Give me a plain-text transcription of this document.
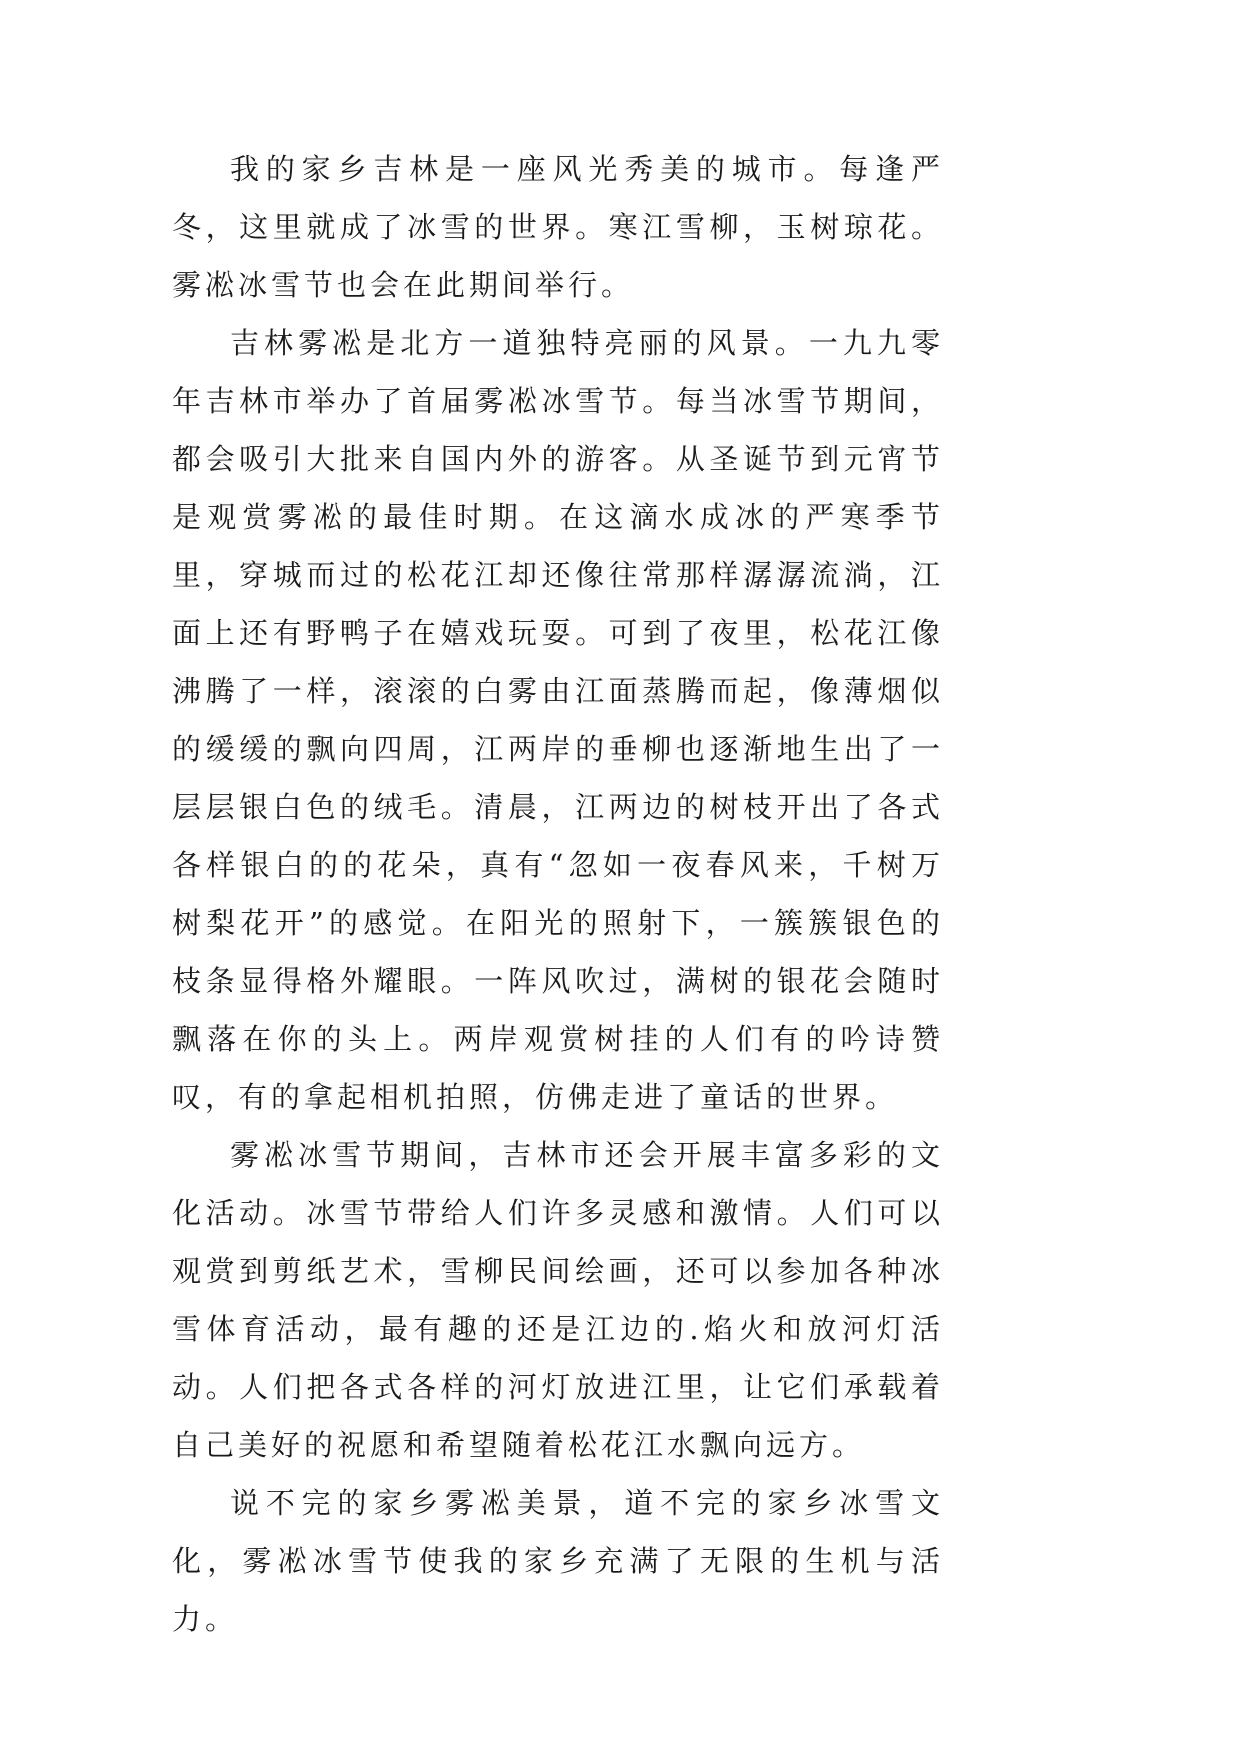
我的家乡吉林是一座风光秀美的城市。每逢严冬，这里就成了冰雪的世界。寒江雪柳，玉树琼花。雾凇冰雪节也会在此期间举行。

吉林雾凇是北方一道独特亮丽的风景。一九九零年吉林市举办了首届雾凇冰雪节。每当冰雪节期间，都会吸引大批来自国内外的游客。从圣诞节到元宵节是观赏雾凇的最佳时期。在这滴水成冰的严寒季节里，穿城而过的松花江却还像往常那样潺潺流淌，江面上还有野鸭子在嬉戏玩耍。可到了夜里，松花江像沸腾了一样，滚滚的白雾由江面蒸腾而起，像薄烟似的缓缓的飘向四周，江两岸的垂柳也逐渐地生出了一层层银白色的绒毛。清晨，江两边的树枝开出了各式各样银白的的花朵，真有“忽如一夜春风来，千树万树梨花开”的感觉。在阳光的照射下，一簇簇银色的枝条显得格外耀眼。一阵风吹过，满树的银花会随时飘落在你的头上。两岸观赏树挂的人们有的吟诗赞叹，有的拿起相机拍照，仿佛走进了童话的世界。

雾凇冰雪节期间，吉林市还会开展丰富多彩的文化活动。冰雪节带给人们许多灵感和激情。人们可以观赏到剪纸艺术，雪柳民间绘画，还可以参加各种冰雪体育活动，最有趣的还是江边的.焰火和放河灯活动。人们把各式各样的河灯放进江里，让它们承载着自己美好的祝愿和希望随着松花江水飘向远方。

说不完的家乡雾凇美景，道不完的家乡冰雪文化，雾凇冰雪节使我的家乡充满了无限的生机与活力。
